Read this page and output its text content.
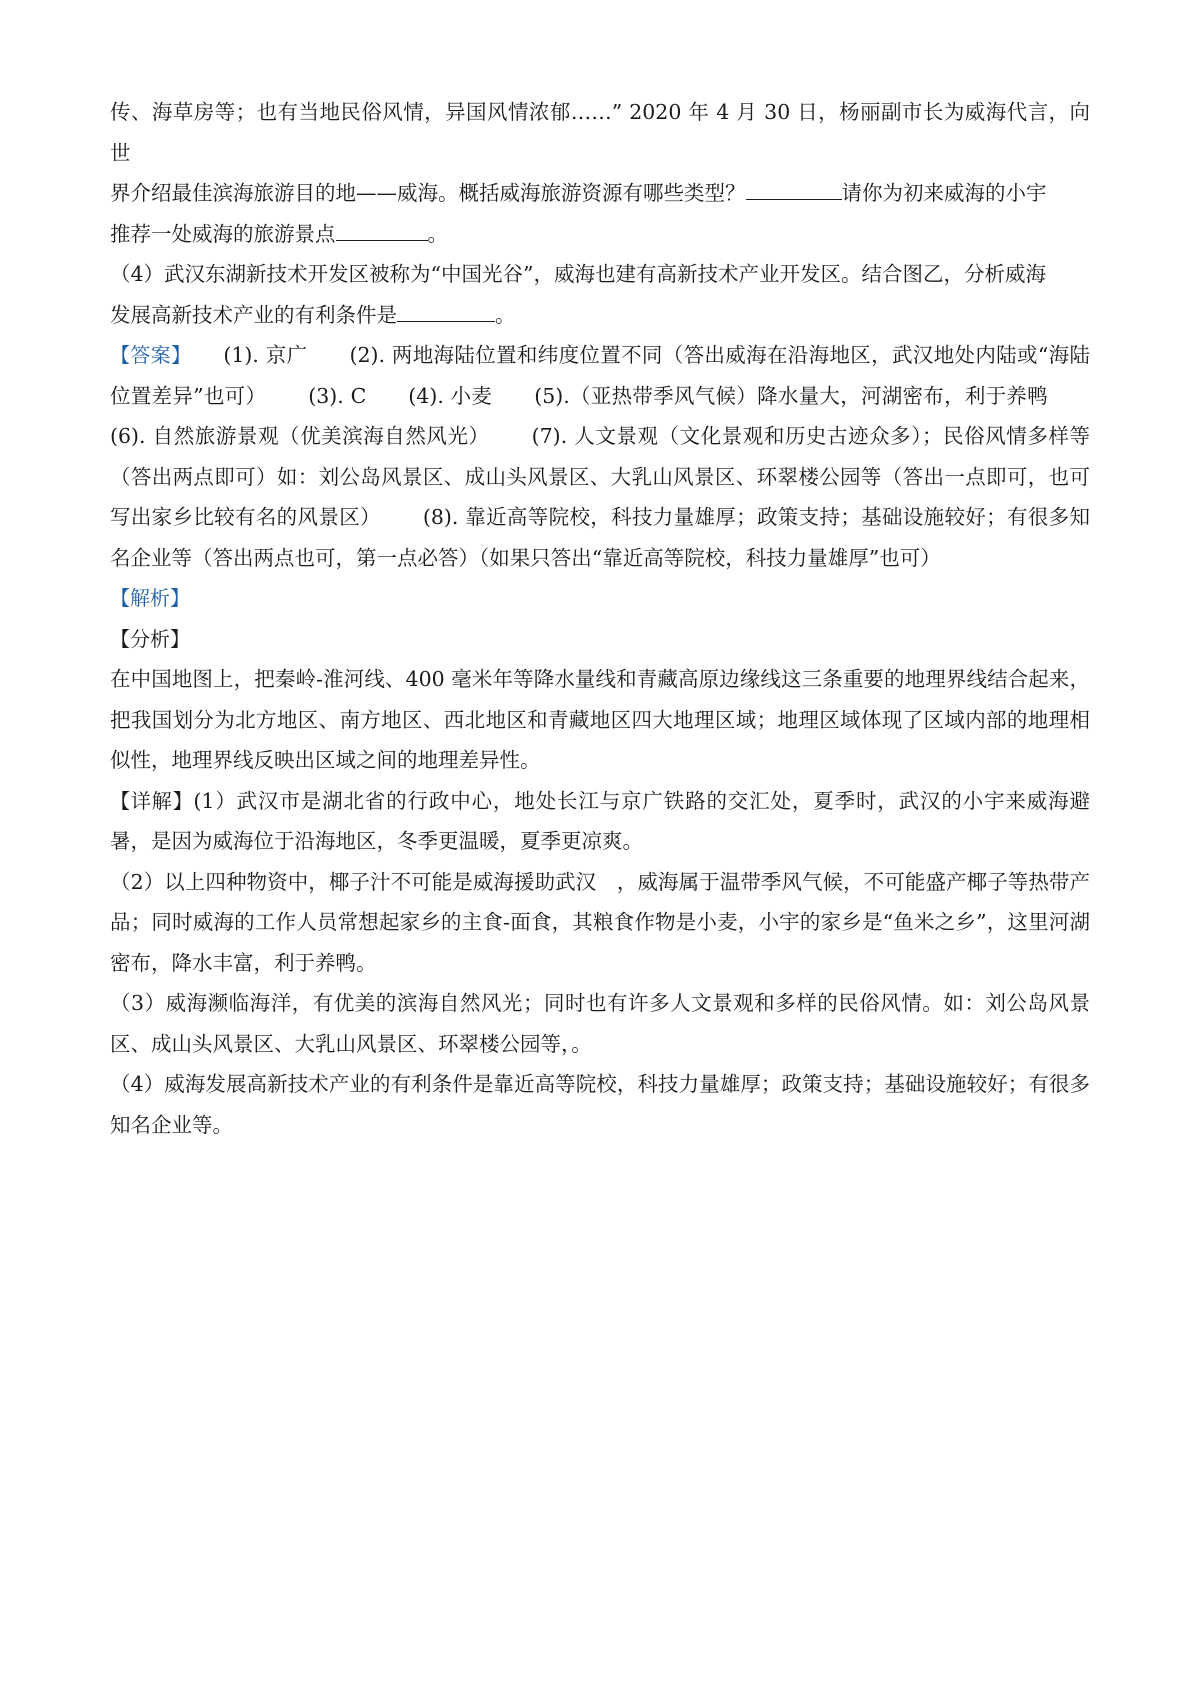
传、海草房等；也有当地民俗风情，异国风情浓郁……” 2020 年 4 月 30 日，杨丽副市长为威海代言，向世

界介绍最佳滨海旅游目的地——威海。概括威海旅游资源有哪些类型？	请你为初来威海的小宇

推荐一处威海的旅游景点	。

（4）武汉东湖新技术开发区被称为“中国光谷”，威海也建有高新技术产业开发区。结合图乙，分析威海
发展高新技术产业的有利条件是	。

【答案】 (1). 京广 (2). 两地海陆位置和纬度位置不同（答出威海在沿海地区，武汉地处内陆或“海陆位置差异”也可） (3). C (4). 小麦 (5).（亚热带季风气候）降水量大，河湖密布，利于养鸭(6). 自然旅游景观（优美滨海自然风光） (7). 人文景观（文化景观和历史古迹众多）；民俗风情多样等（答出两点即可）如：刘公岛风景区、成山头风景区、大乳山风景区、环翠楼公园等（答出一点即可，也可写出家乡比较有名的风景区） (8). 靠近高等院校，科技力量雄厚；政策支持；基础设施较好；有很多知名企业等（答出两点也可，第一点必答）（如果只答出“靠近高等院校，科技力量雄厚”也可）

【解析】

【分析】

在中国地图上，把秦岭-淮河线、400 毫米年等降水量线和青藏高原边缘线这三条重要的地理界线结合起来，把我国划分为北方地区、南方地区、西北地区和青藏地区四大地理区域；地理区域体现了区域内部的地理相似性，地理界线反映出区域之间的地理差异性。

【详解】(1）武汉市是湖北省的行政中心，地处长江与京广铁路的交汇处，夏季时，武汉的小宇来威海避暑，是因为威海位于沿海地区，冬季更温暖，夏季更凉爽。

（2）以上四种物资中，椰子汁不可能是威海援助武汉　，威海属于温带季风气候，不可能盛产椰子等热带产品；同时威海的工作人员常想起家乡的主食-面食，其粮食作物是小麦，小宇的家乡是“鱼米之乡”，这里河湖密布，降水丰富，利于养鸭。

（3）威海濒临海洋，有优美的滨海自然风光；同时也有许多人文景观和多样的民俗风情。如：刘公岛风景区、成山头风景区、大乳山风景区、环翠楼公园等，。

（4）威海发展高新技术产业的有利条件是靠近高等院校，科技力量雄厚；政策支持；基础设施较好；有很多知名企业等。
